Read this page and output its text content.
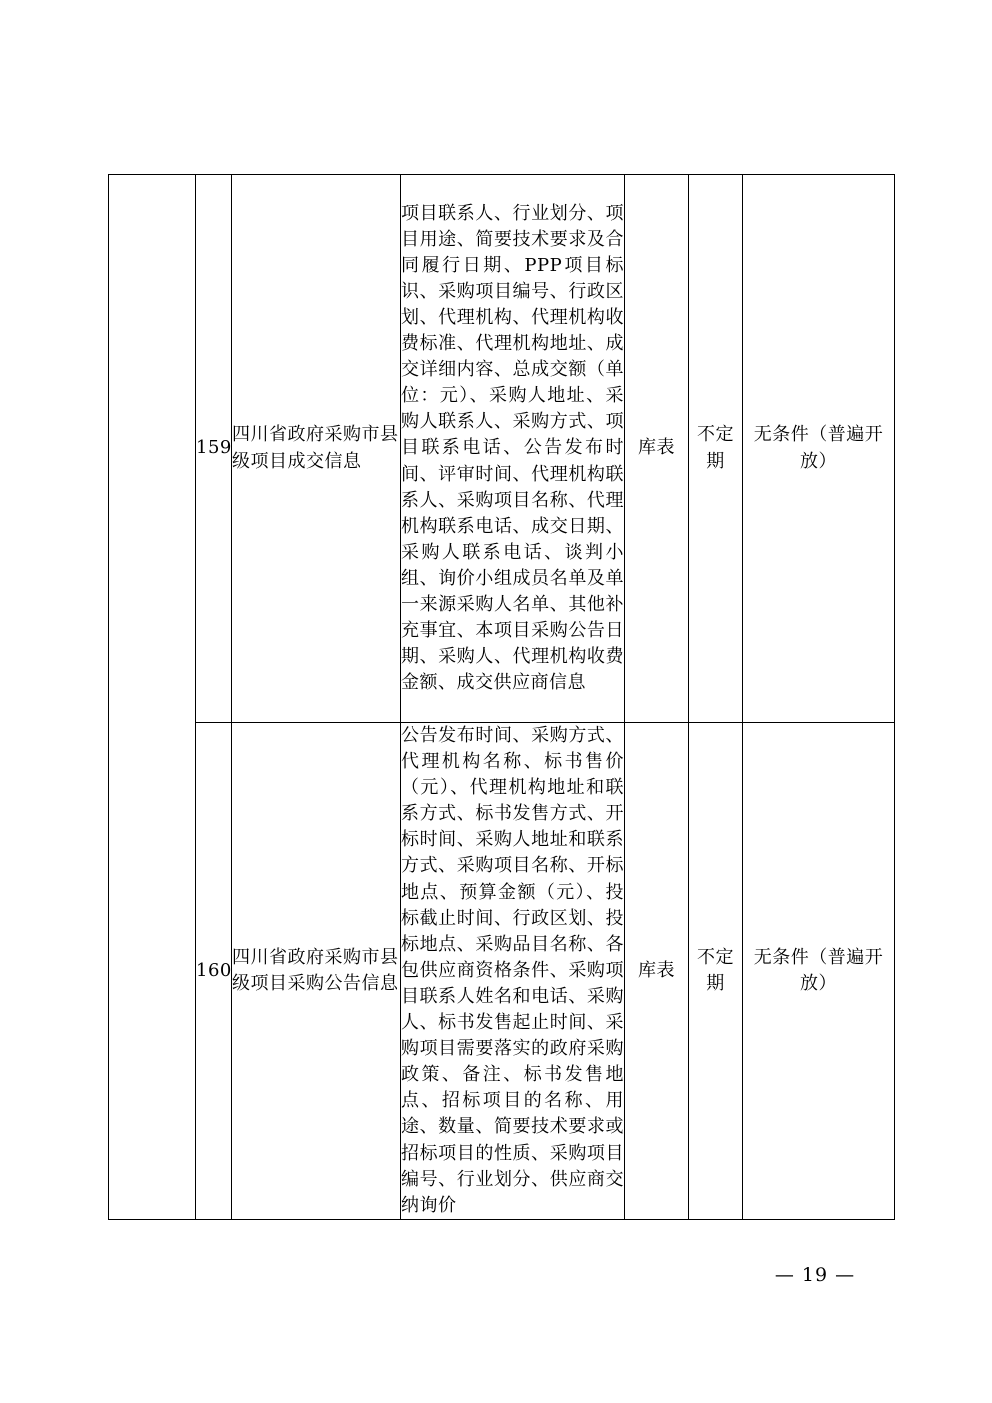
	159	四川省政府采购市县级项目成交信息	项目联系人、行业划分、项目用途、简要技术要求及合同履行日期、PPP项目标识、采购项目编号、行政区划、代理机构、代理机构收费标准、代理机构地址、成交详细内容、总成交额（单位：元）、采购人地址、采购人联系人、采购方式、项目联系电话、公告发布时间、评审时间、代理机构联系人、采购项目名称、代理机构联系电话、成交日期、采购人联系电话、谈判小组、询价小组成员名单及单一来源采购人名单、其他补充事宜、本项目采购公告日期、采购人、代理机构收费金额、成交供应商信息	库表	不定期	无条件（普遍开放）
	160	四川省政府采购市县级项目采购公告信息	公告发布时间、采购方式、代理机构名称、标书售价（元）、代理机构地址和联系方式、标书发售方式、开标时间、采购人地址和联系方式、采购项目名称、开标地点、预算金额（元）、投标截止时间、行政区划、投标地点、采购品目名称、各包供应商资格条件、采购项目联系人姓名和电话、采购人、标书发售起止时间、采购项目需要落实的政府采购政策、备注、标书发售地点、招标项目的名称、用途、数量、简要技术要求或招标项目的性质、采购项目编号、行业划分、供应商交纳询价	库表	不定期	无条件（普遍开放）
— 19 —
